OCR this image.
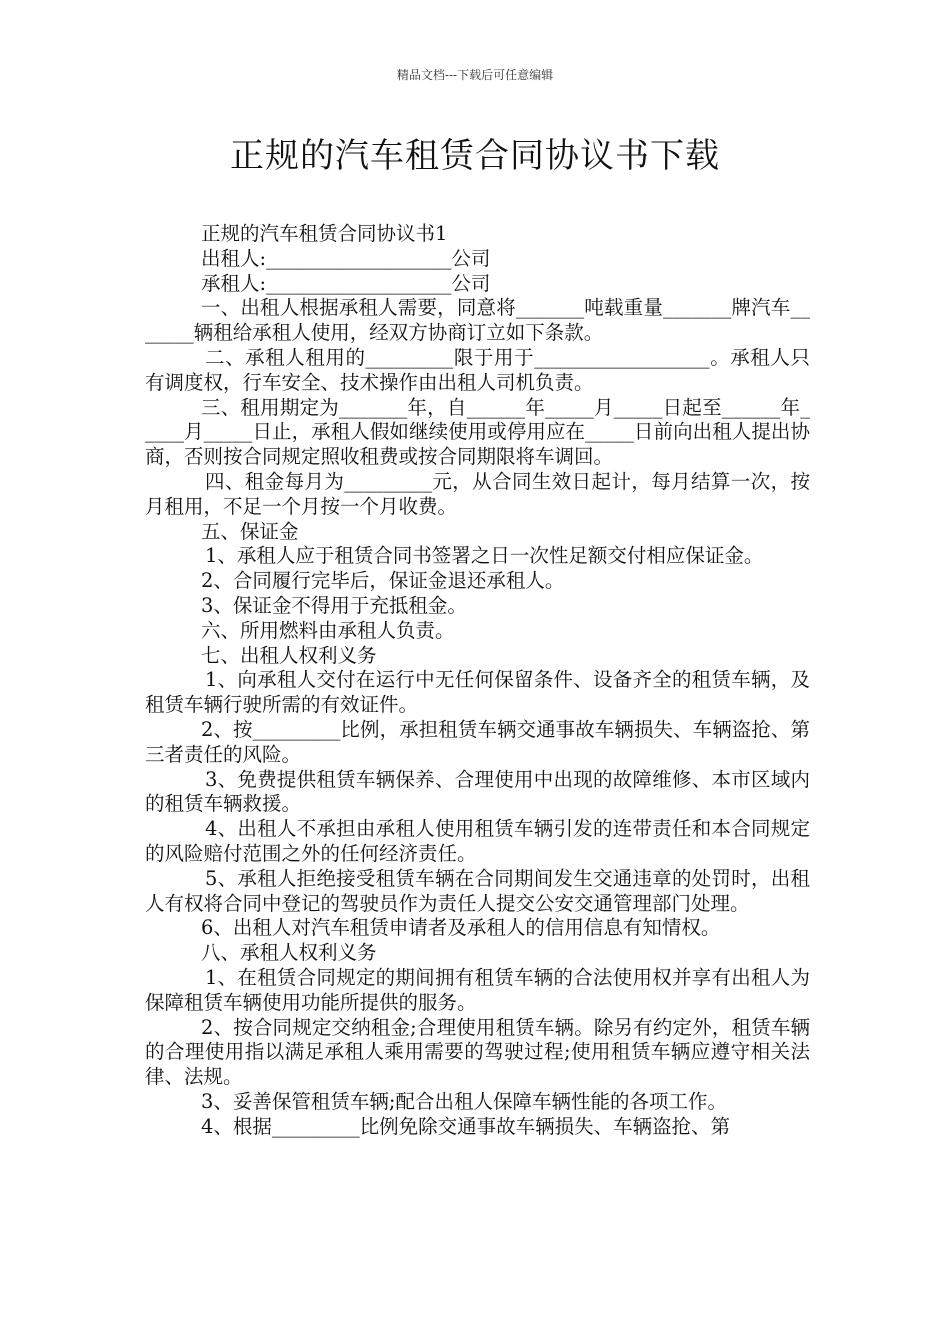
精品文档---下载后可任意编辑
正规的汽车租赁合同协议书下载

正规的汽车租赁合同协议书1

出租人:___________________公司

承租人:___________________公司

一、出租人根据承租人需要，同意将_______吨载重量_______牌汽车_______辆租给承租人使用，经双方协商订立如下条款。

二、承租人租用的_________限于用于__________________。承租人只有调度权，行车安全、技术操作由出租人司机负责。

三、租用期定为_______年，自______年_____月_____日起至______年_____月_____日止，承租人假如继续使用或停用应在_____日前向出租人提出协商，否则按合同规定照收租费或按合同期限将车调回。

四、租金每月为_________元，从合同生效日起计，每月结算一次，按月租用，不足一个月按一个月收费。

五、保证金

1、承租人应于租赁合同书签署之日一次性足额交付相应保证金。

2、合同履行完毕后，保证金退还承租人。

3、保证金不得用于充抵租金。

六、所用燃料由承租人负责。

七、出租人权利义务

1、向承租人交付在运行中无任何保留条件、设备齐全的租赁车辆，及租赁车辆行驶所需的有效证件。

2、按_________比例，承担租赁车辆交通事故车辆损失、车辆盗抢、第三者责任的风险。

3、免费提供租赁车辆保养、合理使用中出现的故障维修、本市区域内的租赁车辆救援。

4、出租人不承担由承租人使用租赁车辆引发的连带责任和本合同规定的风险赔付范围之外的任何经济责任。

5、承租人拒绝接受租赁车辆在合同期间发生交通违章的处罚时，出租人有权将合同中登记的驾驶员作为责任人提交公安交通管理部门处理。

6、出租人对汽车租赁申请者及承租人的信用信息有知情权。

八、承租人权利义务

1、在租赁合同规定的期间拥有租赁车辆的合法使用权并享有出租人为保障租赁车辆使用功能所提供的服务。

2、按合同规定交纳租金;合理使用租赁车辆。除另有约定外，租赁车辆的合理使用指以满足承租人乘用需要的驾驶过程;使用租赁车辆应遵守相关法律、法规。

3、妥善保管租赁车辆;配合出租人保障车辆性能的各项工作。

4、根据_________比例免除交通事故车辆损失、车辆盗抢、第
